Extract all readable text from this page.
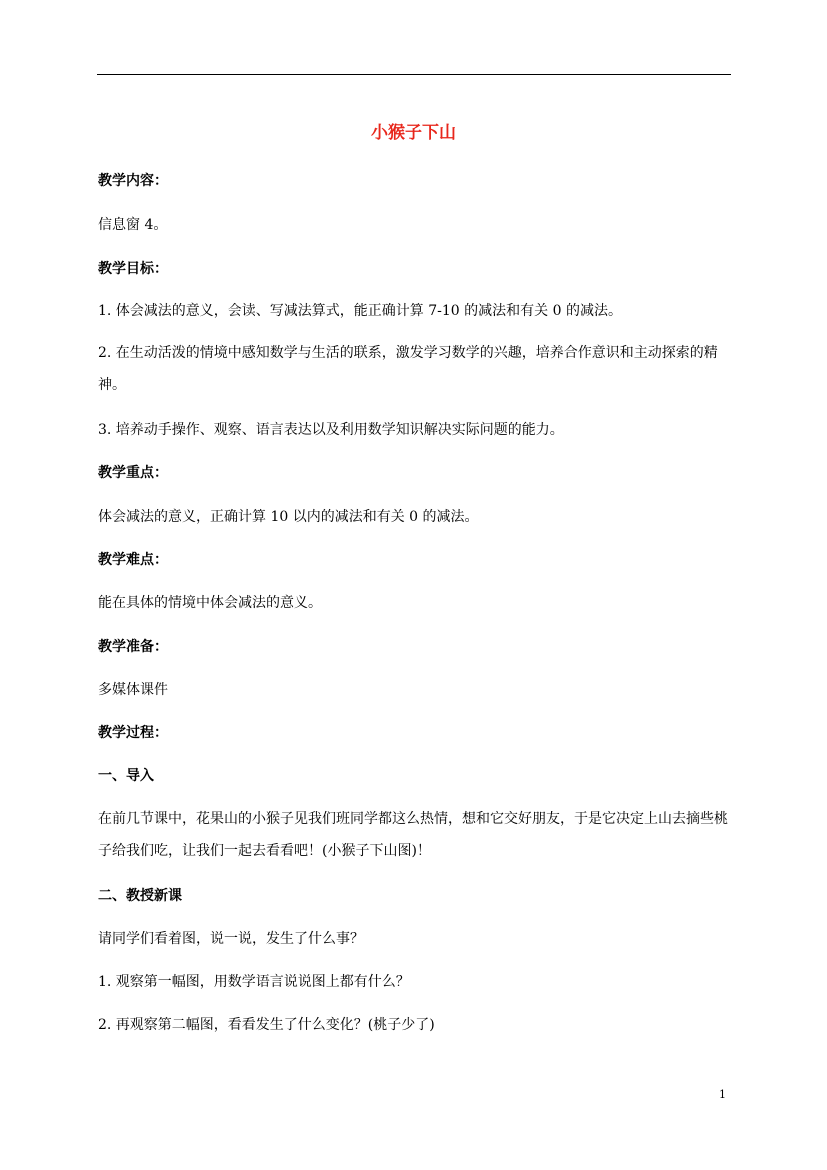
小猴子下山
教学内容：
信息窗 4。
教学目标：
1. 体会减法的意义，会读、写减法算式，能正确计算 7-10 的减法和有关 0 的减法。
2. 在生动活泼的情境中感知数学与生活的联系，激发学习数学的兴趣，培养合作意识和主动探索的精神。
3. 培养动手操作、观察、语言表达以及利用数学知识解决实际问题的能力。
教学重点：
体会减法的意义，正确计算 10 以内的减法和有关 0 的减法。
教学难点：
能在具体的情境中体会减法的意义。
教学准备：
多媒体课件
教学过程：
一、导入
在前几节课中，花果山的小猴子见我们班同学都这么热情，想和它交好朋友，于是它决定上山去摘些桃子给我们吃，让我们一起去看看吧！(小猴子下山图)！
二、教授新课
请同学们看着图，说一说，发生了什么事？
1. 观察第一幅图，用数学语言说说图上都有什么？
2. 再观察第二幅图，看看发生了什么变化？(桃子少了)
1
